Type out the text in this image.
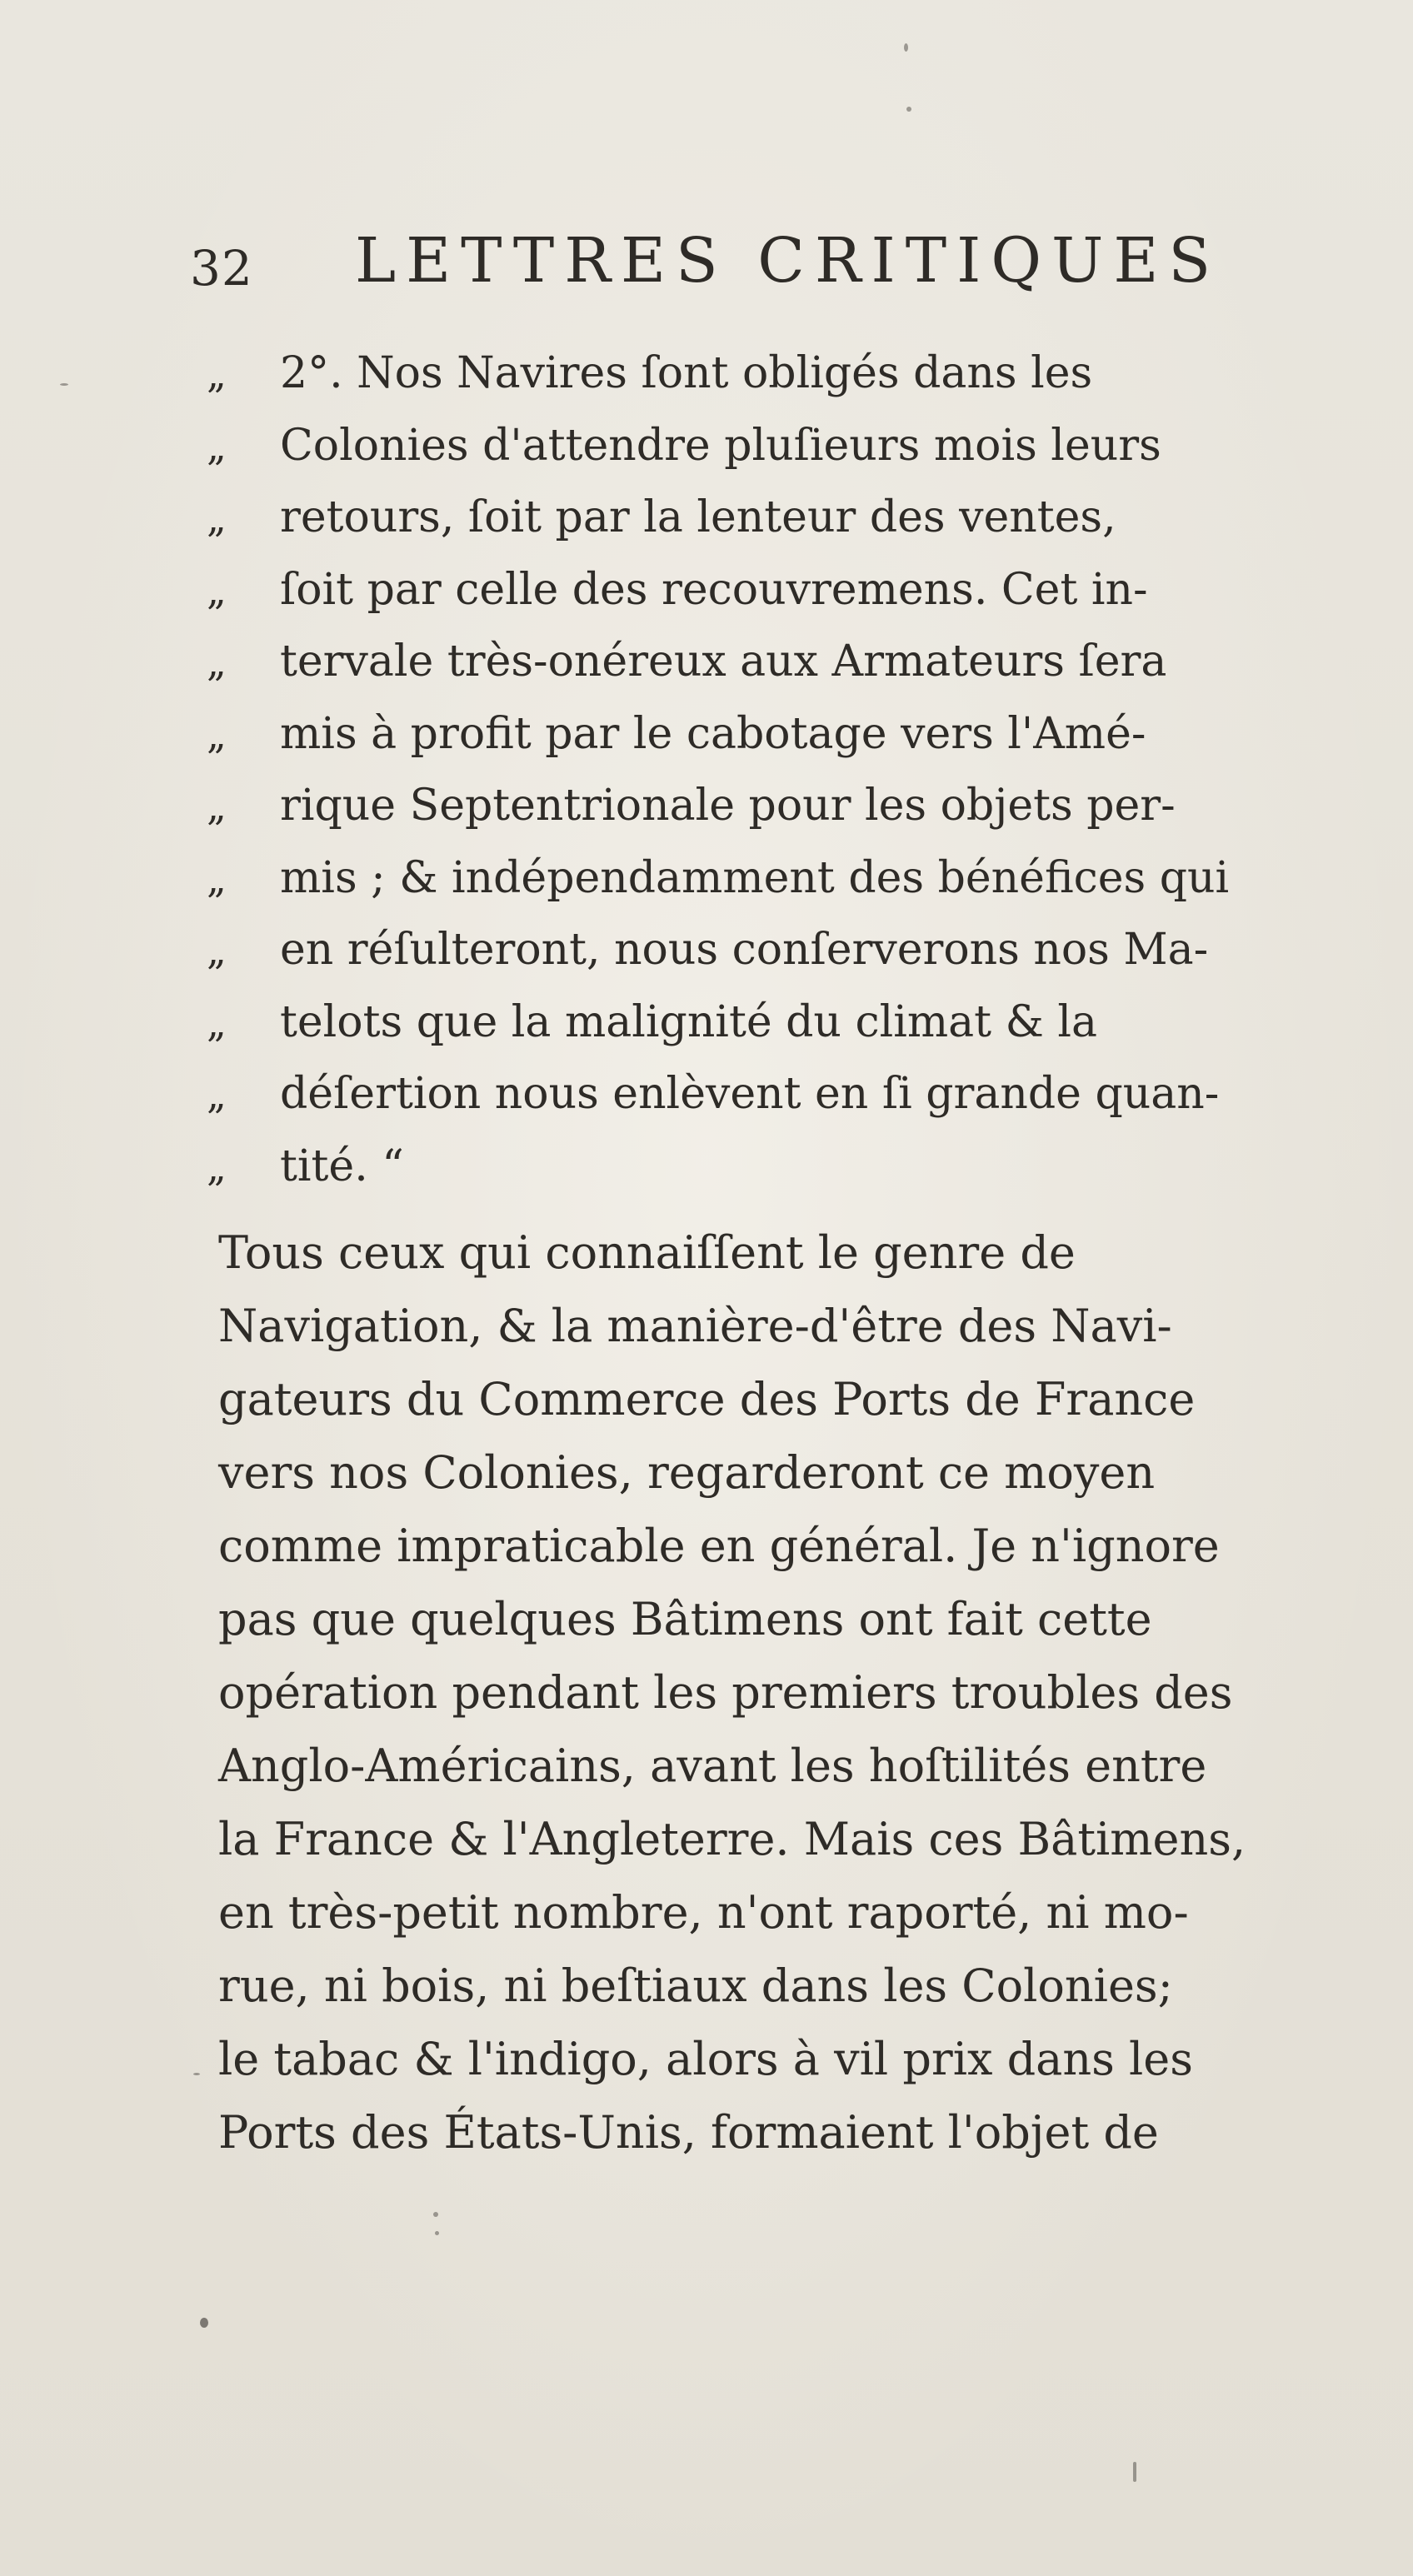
32 LETTRES CRITIQUES
„ 2°. Nos Navires ſont obligés dans les
„ Colonies d'attendre pluſieurs mois leurs
„ retours, ſoit par la lenteur des ventes,
„ ſoit par celle des recouvremens. Cet in-
„ tervale très-onéreux aux Armateurs ſera
„ mis à profit par le cabotage vers l'Amé-
„ rique Septentrionale pour les objets per-
„ mis ; & indépendamment des bénéfices qui
„ en réſulteront, nous conſerverons nos Ma-
„ telots que la malignité du climat & la
„ déſertion nous enlèvent en ſi grande quan-
„ tité. “
Tous ceux qui connaiſſent le genre de
Navigation, & la manière-d'être des Navi-
gateurs du Commerce des Ports de France
vers nos Colonies, regarderont ce moyen
comme impraticable en général. Je n'ignore
pas que quelques Bâtimens ont fait cette
opération pendant les premiers troubles des
Anglo-Américains, avant les hoſtilités entre
la France & l'Angleterre. Mais ces Bâtimens,
en très-petit nombre, n'ont raporté, ni mo-
rue, ni bois, ni beſtiaux dans les Colonies;
le tabac & l'indigo, alors à vil prix dans les
Ports des États-Unis, formaient l'objet de
